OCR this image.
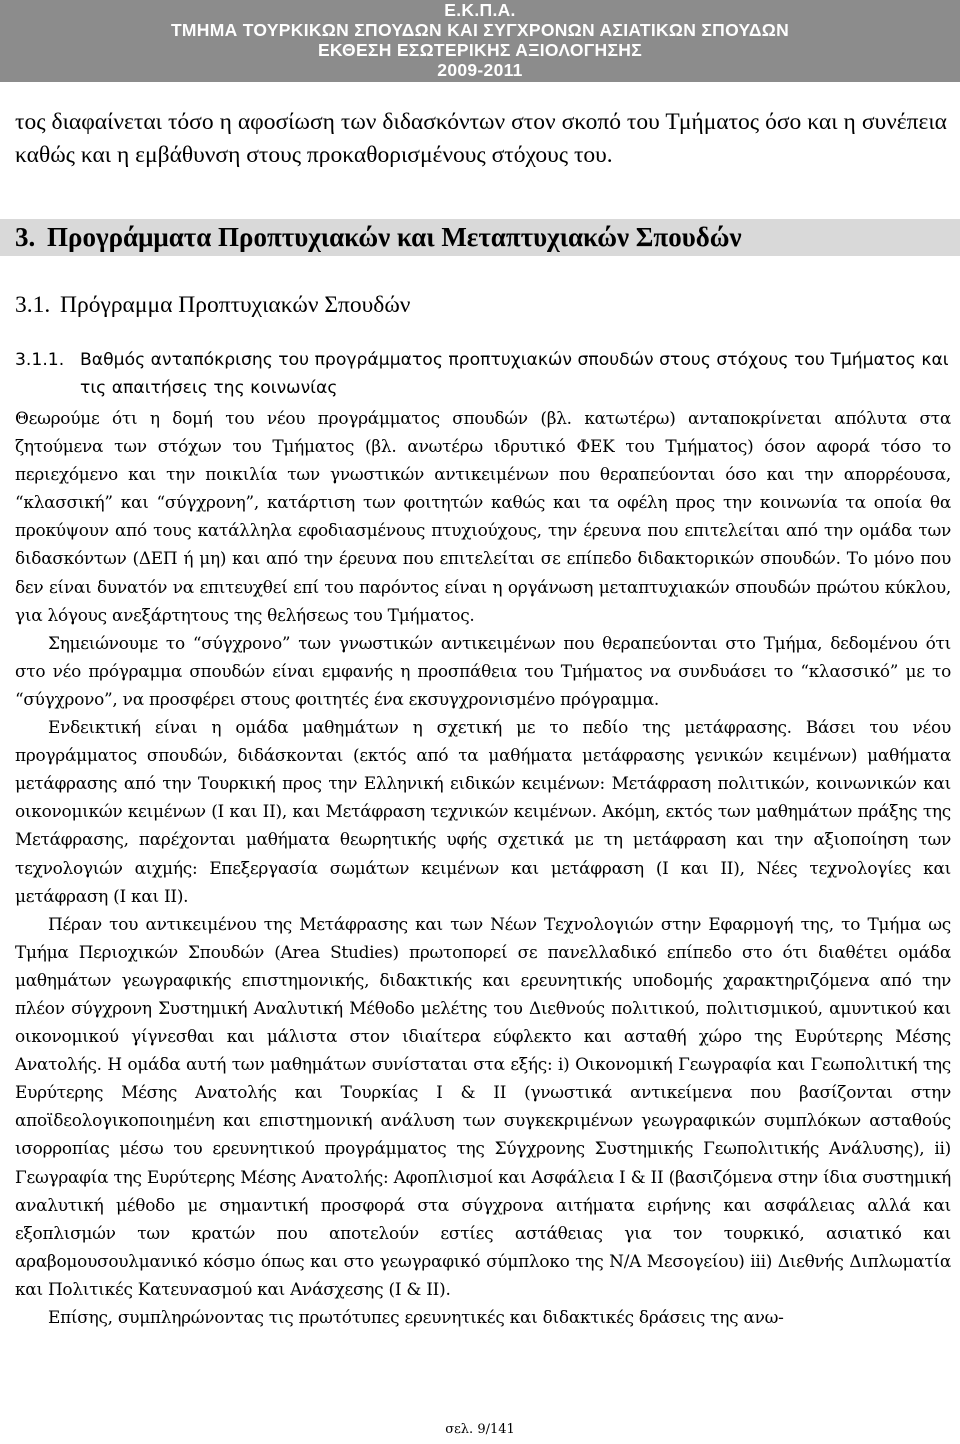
Ε.Κ.Π.Α.
ΤΜΗΜΑ ΤΟΥΡΚΙΚΩΝ ΣΠΟΥΔΩΝ ΚΑΙ ΣΥΓΧΡΟΝΩΝ ΑΣΙΑΤΙΚΩΝ ΣΠΟΥΔΩΝ
ΕΚΘΕΣΗ ΕΣΩΤΕΡΙΚΗΣ ΑΞΙΟΛΟΓΗΣΗΣ
2009-2011

τος διαφαίνεται τόσο η αφοσίωση των διδασκόντων στον σκοπό του Τμήματος όσο και η συνέπεια καθώς και η εμβάθυνση στους προκαθορισμένους στόχους του.

3. Προγράμματα Προπτυχιακών και Μεταπτυχιακών Σπουδών
3.1. Πρόγραμμα Προπτυχιακών Σπουδών
3.1.1. Βαθμός ανταπόκρισης του προγράμματος προπτυχιακών σπουδών στους στόχους του Τμήματος και τις απαιτήσεις της κοινωνίας

Θεωρούμε ότι η δομή του νέου προγράμματος σπουδών (βλ. κατωτέρω) ανταποκρίνεται απόλυτα στα ζητούμενα των στόχων του Τμήματος (βλ. ανωτέρω ιδρυτικό ΦΕΚ του Τμήματος) όσον αφορά τόσο το περιεχόμενο και την ποικιλία των γνωστικών αντικειμένων που θεραπεύονται όσο και την απορρέουσα, “κλασσική” και “σύγχρονη”, κατάρτιση των φοιτητών καθώς και τα οφέλη προς την κοινωνία τα οποία θα προκύψουν από τους κατάλληλα εφοδιασμένους πτυχιούχους, την έρευνα που επιτελείται από την ομάδα των διδασκόντων (ΔΕΠ ή μη) και από την έρευνα που επιτελείται σε επίπεδο διδακτορικών σπουδών. Το μόνο που δεν είναι δυνατόν να επιτευχθεί επί του παρόντος είναι η οργάνωση μεταπτυχιακών σπουδών πρώτου κύκλου, για λόγους ανεξάρτητους της θελήσεως του Τμήματος.

Σημειώνουμε το “σύγχρονο” των γνωστικών αντικειμένων που θεραπεύονται στο Τμήμα, δεδομένου ότι στο νέο πρόγραμμα σπουδών είναι εμφανής η προσπάθεια του Τμήματος να συνδυάσει το “κλασσικό” με το “σύγχρονο”, να προσφέρει στους φοιτητές ένα εκσυγχρονισμένο πρόγραμμα.

Ενδεικτική είναι η ομάδα μαθημάτων η σχετική με το πεδίο της μετάφρασης. Βάσει του νέου προγράμματος σπουδών, διδάσκονται (εκτός από τα μαθήματα μετάφρασης γενικών κειμένων) μαθήματα μετάφρασης από την Τουρκική προς την Ελληνική ειδικών κειμένων: Μετάφραση πολιτικών, κοινωνικών και οικονομικών κειμένων (Ι και ΙΙ), και Μετάφραση τεχνικών κειμένων. Ακόμη, εκτός των μαθημάτων πράξης της Μετάφρασης, παρέχονται μαθήματα θεωρητικής υφής σχετικά με τη μετάφραση και την αξιοποίηση των τεχνολογιών αιχμής: Επεξεργασία σωμάτων κειμένων και μετάφραση (Ι και ΙΙ), Νέες τεχνολογίες και μετάφραση (Ι και ΙΙ).

Πέραν του αντικειμένου της Μετάφρασης και των Νέων Τεχνολογιών στην Εφαρμογή της, το Τμήμα ως Τμήμα Περιοχικών Σπουδών (Area Studies) πρωτοπορεί σε πανελλαδικό επίπεδο στο ότι διαθέτει ομάδα μαθημάτων γεωγραφικής επιστημονικής, διδακτικής και ερευνητικής υποδομής χαρακτηριζόμενα από την πλέον σύγχρονη Συστημική Αναλυτική Μέθοδο μελέτης του Διεθνούς πολιτικού, πολιτισμικού, αμυντικού και οικονομικού γίγνεσθαι και μάλιστα στον ιδιαίτερα εύφλεκτο και ασταθή χώρο της Ευρύτερης Μέσης Ανατολής. Η ομάδα αυτή των μαθημάτων συνίσταται στα εξής: i) Οικονομική Γεωγραφία και Γεωπολιτική της Ευρύτερης Μέσης Ανατολής και Τουρκίας Ι & ΙΙ (γνωστικά αντικείμενα που βασίζονται στην αποϊδεολογικοποιημένη και επιστημονική ανάλυση των συγκεκριμένων γεωγραφικών συμπλόκων ασταθούς ισορροπίας μέσω του ερευνητικού προγράμματος της Σύγχρονης Συστημικής Γεωπολιτικής Ανάλυσης), ii) Γεωγραφία της Ευρύτερης Μέσης Ανατολής: Αφοπλισμοί και Ασφάλεια Ι & ΙΙ (βασιζόμενα στην ίδια συστημική αναλυτική μέθοδο με σημαντική προσφορά στα σύγχρονα αιτήματα ειρήνης και ασφάλειας αλλά και εξοπλισμών των κρατών που αποτελούν εστίες αστάθειας για τον τουρκικό, ασιατικό και αραβομουσουλμανικό κόσμο όπως και στο γεωγραφικό σύμπλοκο της Ν/Α Μεσογείου) iii) Διεθνής Διπλωματία και Πολιτικές Κατευνασμού και Ανάσχεσης (Ι & ΙΙ).

Επίσης, συμπληρώνοντας τις πρωτότυπες ερευνητικές και διδακτικές δράσεις της ανω-

σελ. 9/141
